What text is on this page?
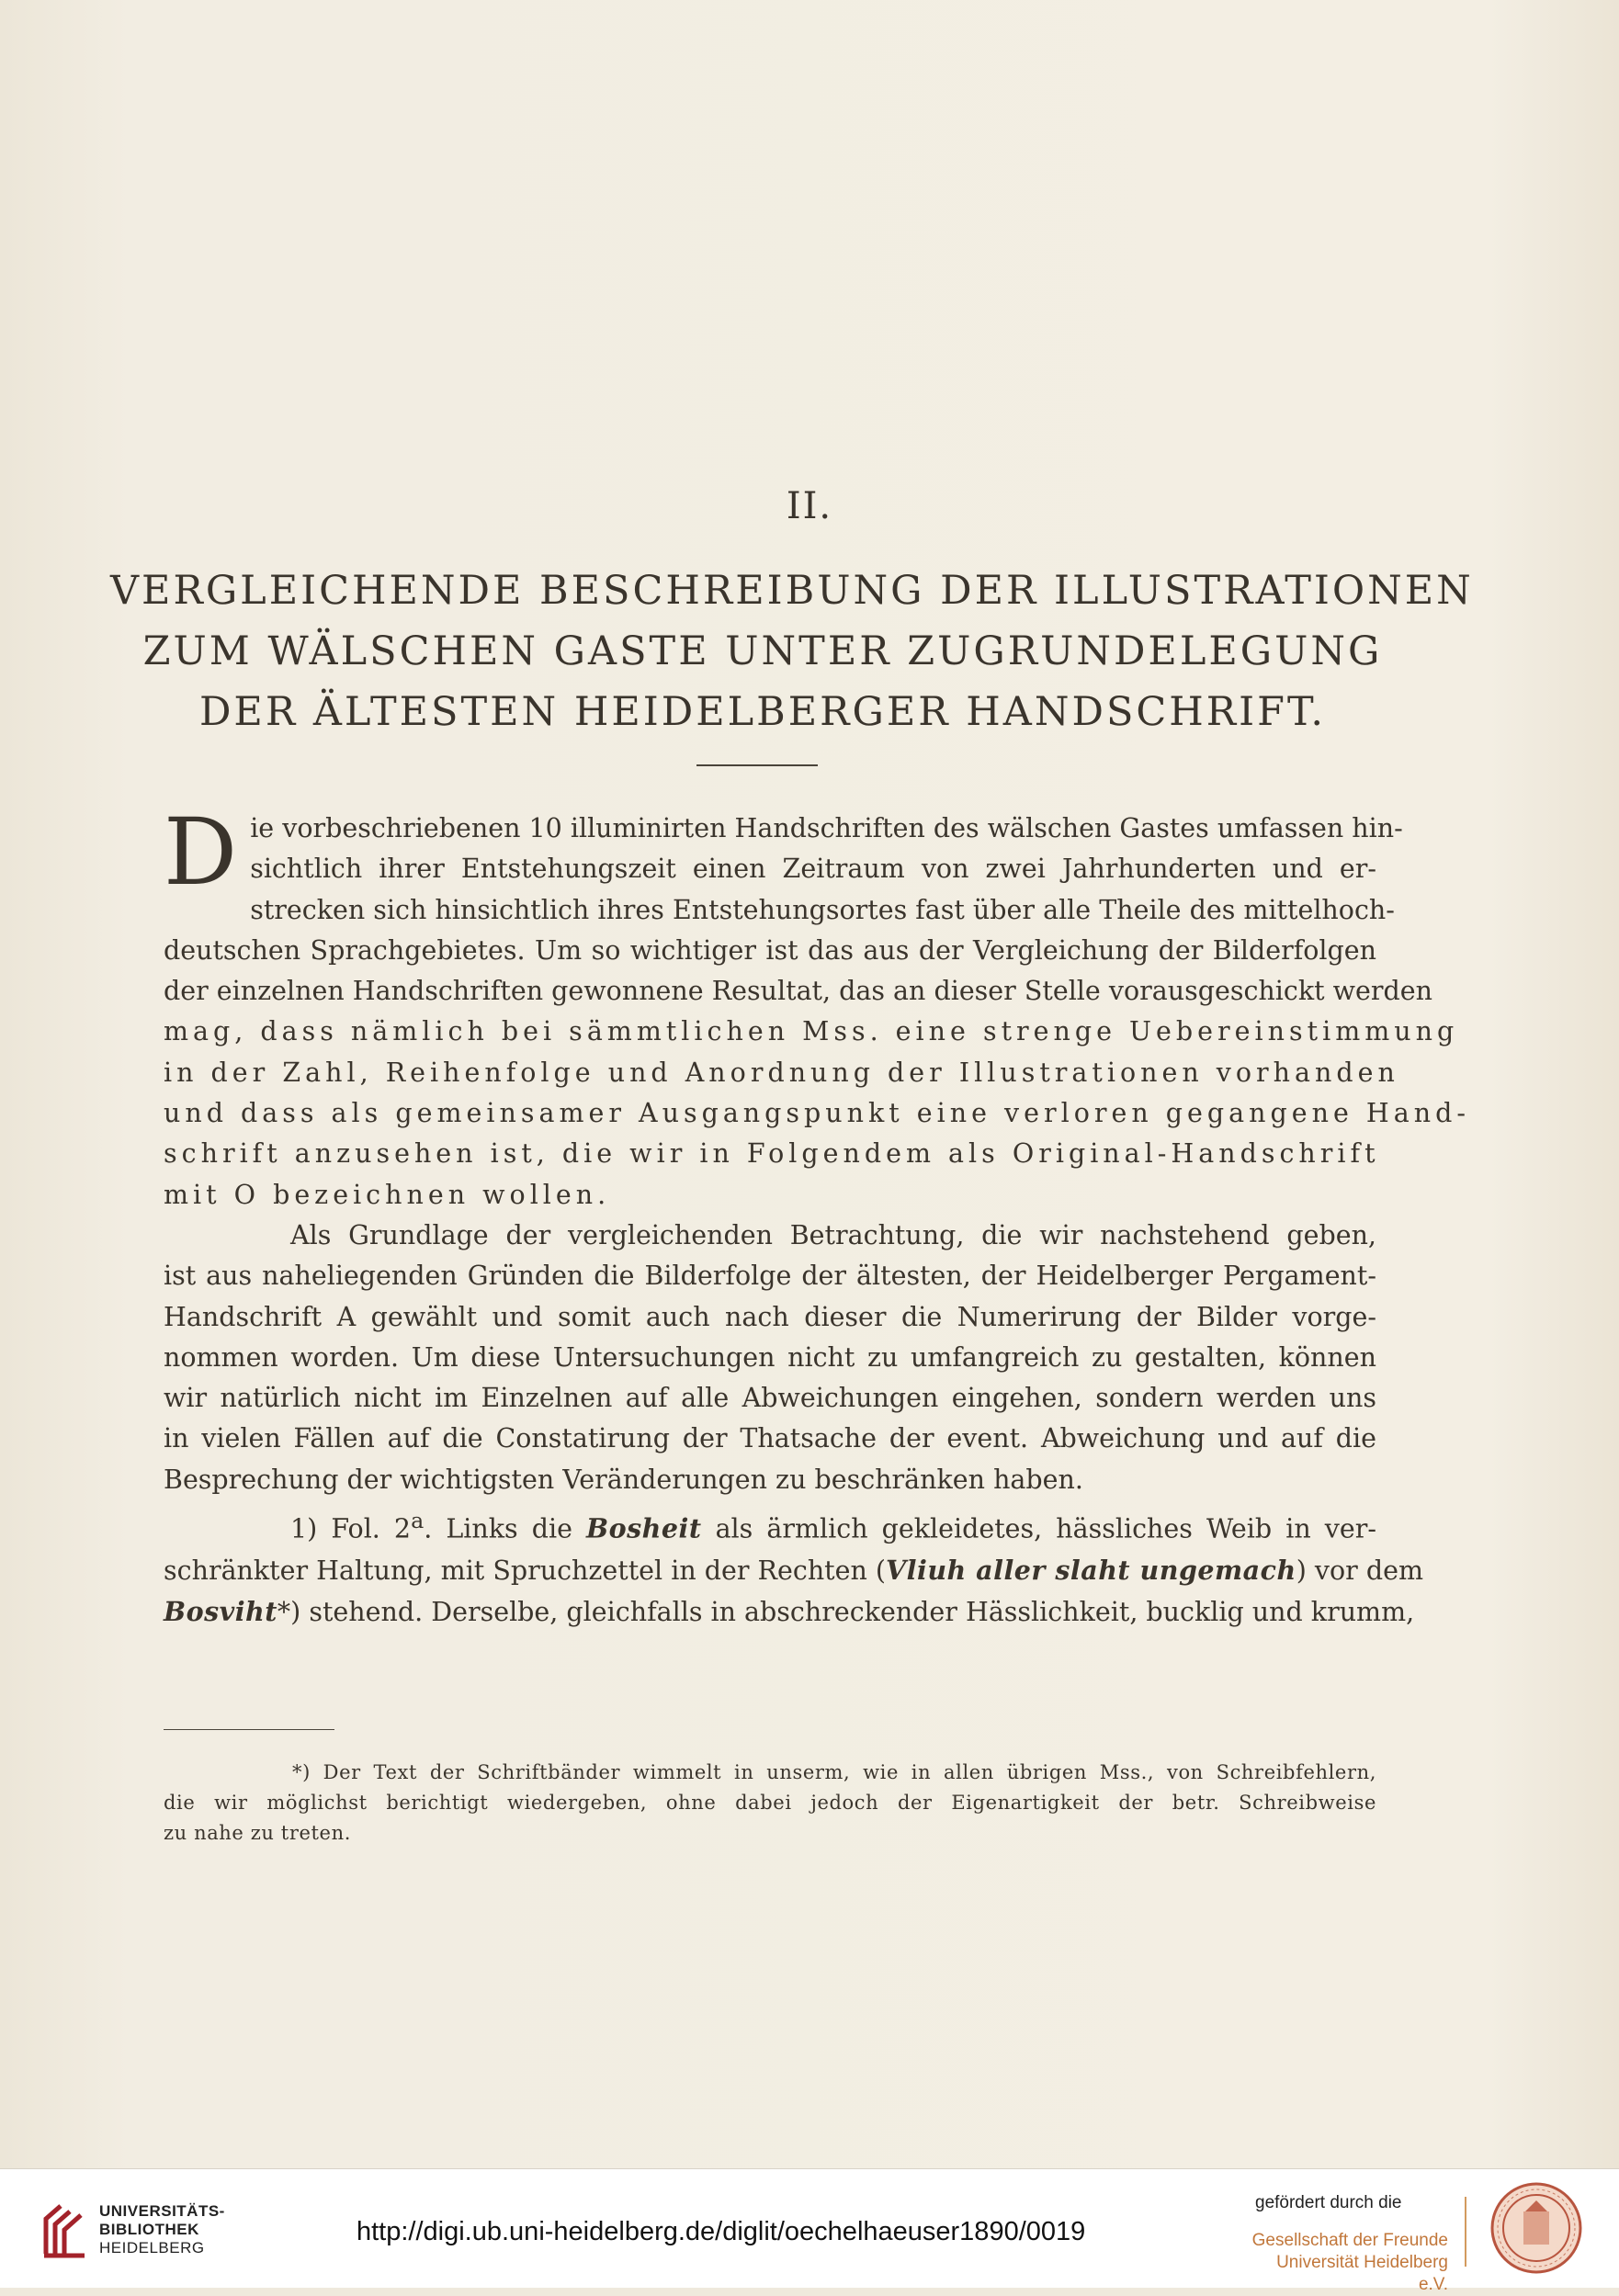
II.
VERGLEICHENDE BESCHREIBUNG DER ILLUSTRATIONEN
ZUM WÄLSCHEN GASTE UNTER ZUGRUNDELEGUNG
DER ÄLTESTEN HEIDELBERGER HANDSCHRIFT.

D ie vorbeschriebenen 10 illuminirten Handschriften des wälschen Gastes umfassen hin-
sichtlich ihrer Entstehungszeit einen Zeitraum von zwei Jahrhunderten und er-
strecken sich hinsichtlich ihres Entstehungsortes fast über alle Theile des mittelhoch-
deutschen Sprachgebietes. Um so wichtiger ist das aus der Vergleichung der Bilderfolgen
der einzelnen Handschriften gewonnene Resultat, das an dieser Stelle vorausgeschickt werden
mag, dass nämlich bei sämmtlichen Mss. eine strenge Uebereinstimmung
in der Zahl, Reihenfolge und Anordnung der Illustrationen vorhanden
und dass als gemeinsamer Ausgangspunkt eine verloren gegangene Hand-
schrift anzusehen ist, die wir in Folgendem als Original-Handschrift
mit O bezeichnen wollen.

Als Grundlage der vergleichenden Betrachtung, die wir nachstehend geben,
ist aus naheliegenden Gründen die Bilderfolge der ältesten, der Heidelberger Pergament-
Handschrift A gewählt und somit auch nach dieser die Numerirung der Bilder vorge-
nommen worden. Um diese Untersuchungen nicht zu umfangreich zu gestalten, können
wir natürlich nicht im Einzelnen auf alle Abweichungen eingehen, sondern werden uns
in vielen Fällen auf die Constatirung der Thatsache der event. Abweichung und auf die
Besprechung der wichtigsten Veränderungen zu beschränken haben.

1) Fol. 2$^a$. Links die Bosheit als ärmlich gekleidetes, hässliches Weib in ver-
schränkter Haltung, mit Spruchzettel in der Rechten (Vliuh aller slaht ungemach) vor dem
Bosviht*) stehend. Derselbe, gleichfalls in abschreckender Hässlichkeit, bucklig und krumm,

*) Der Text der Schriftbänder wimmelt in unserm, wie in allen übrigen Mss., von Schreibfehlern,
die wir möglichst berichtigt wiedergeben, ohne dabei jedoch der Eigenartigkeit der betr. Schreibweise
zu nahe zu treten.
UNIVERSITÄTS-
BIBLIOTHEK
HEIDELBERG
http://digi.ub.uni-heidelberg.de/diglit/oechelhaeuser1890/0019
gefördert durch die
Gesellschaft der Freunde
Universität Heidelberg e.V.
